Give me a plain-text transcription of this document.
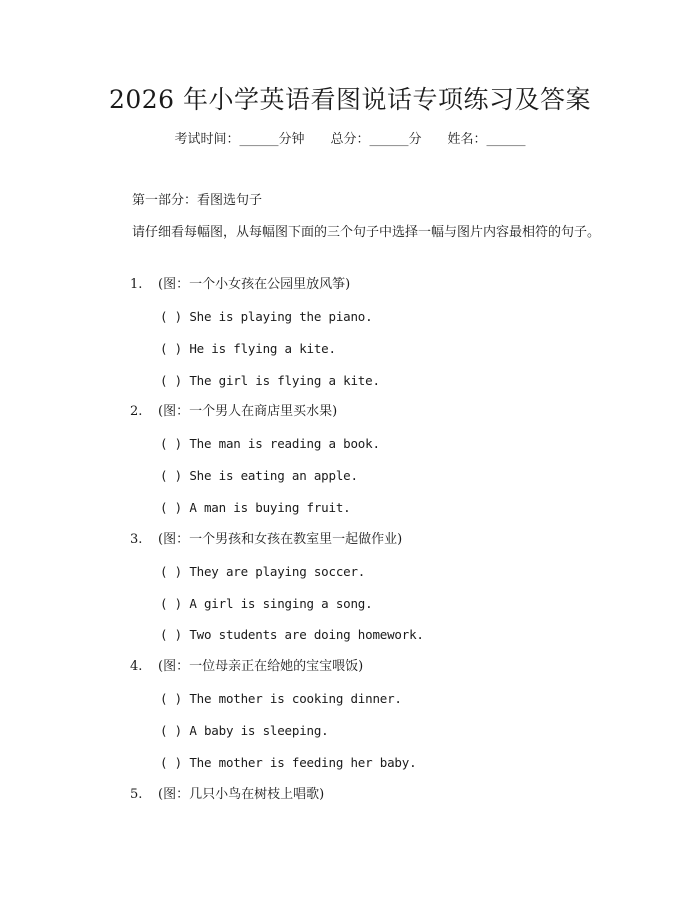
2026 年小学英语看图说话专项练习及答案
考试时间：______分钟 总分：______分 姓名：______
第一部分：看图选句子
请仔细看每幅图，从每幅图下面的三个句子中选择一幅与图片内容最相符的句子。
1. (图：一个小女孩在公园里放风筝)
( ) She is playing the piano.
( ) He is flying a kite.
( ) The girl is flying a kite.
2. (图：一个男人在商店里买水果)
( ) The man is reading a book.
( ) She is eating an apple.
( ) A man is buying fruit.
3. (图：一个男孩和女孩在教室里一起做作业)
( ) They are playing soccer.
( ) A girl is singing a song.
( ) Two students are doing homework.
4. (图：一位母亲正在给她的宝宝喂饭)
( ) The mother is cooking dinner.
( ) A baby is sleeping.
( ) The mother is feeding her baby.
5. (图：几只小鸟在树枝上唱歌)
